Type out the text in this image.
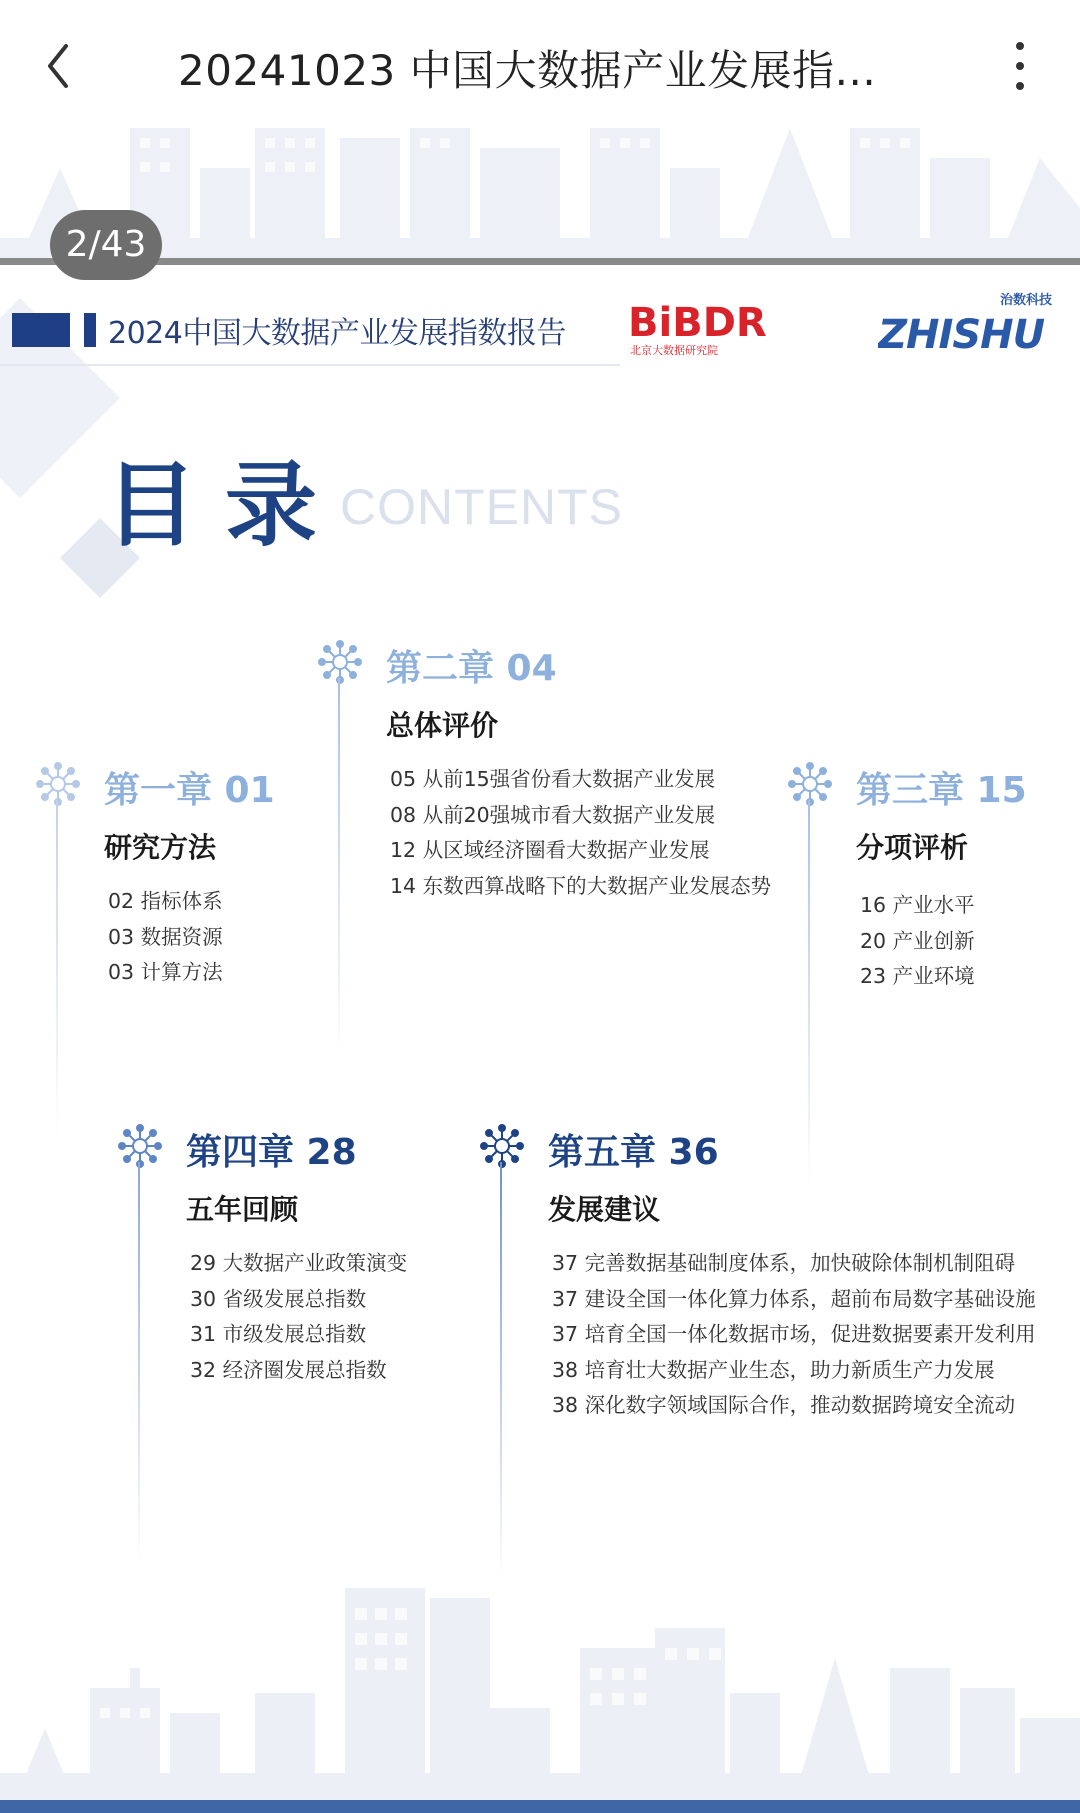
20241023 中国大数据产业发展指...
2/43
2024中国大数据产业发展指数报告 BiBDR
北京大数据研究院
治数科技
ZHISHU
目录
CONTENTS
第一章 01
研究方法
02 指标体系
03 数据资源
03 计算方法
第二章 04
总体评价
05 从前15强省份看大数据产业发展
08 从前20强城市看大数据产业发展
12 从区域经济圈看大数据产业发展
14 东数西算战略下的大数据产业发展态势
第三章 15
分项评析
16 产业水平
20 产业创新
23 产业环境
第四章 28
五年回顾
29 大数据产业政策演变
30 省级发展总指数
31 市级发展总指数
32 经济圈发展总指数
第五章 36
发展建议
37 完善数据基础制度体系，加快破除体制机制阻碍
37 建设全国一体化算力体系，超前布局数字基础设施
37 培育全国一体化数据市场，促进数据要素开发利用
38 培育壮大数据产业生态，助力新质生产力发展
38 深化数字领域国际合作，推动数据跨境安全流动
